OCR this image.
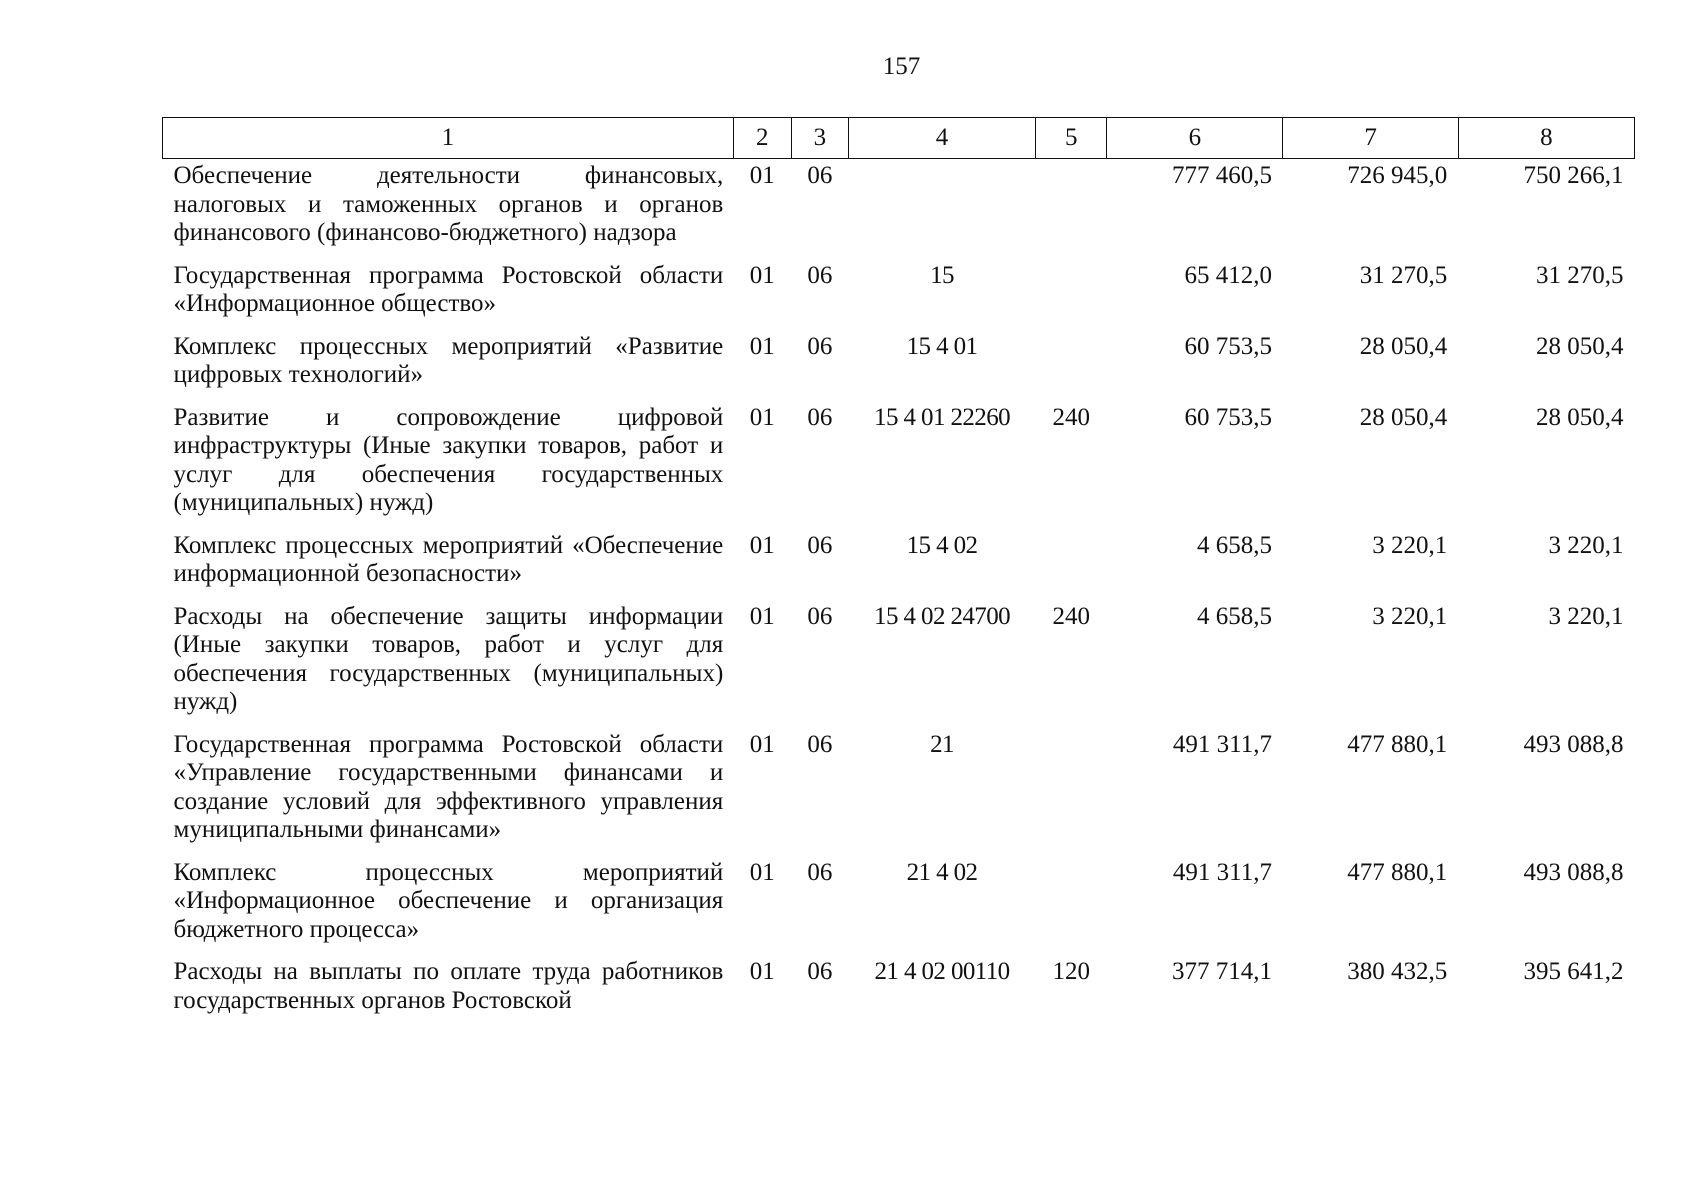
157
1	2	3	4	5	6	7	8
Обеспечение деятельности финансовых, налоговых и таможенных органов и органов финансового (финансово-бюджетного) надзора	01	06			777 460,5	726 945,0	750 266,1
Государственная программа Ростовской области «Информационное общество»	01	06	15		65 412,0	31 270,5	31 270,5
Комплекс процессных мероприятий «Развитие цифровых технологий»	01	06	15 4 01		60 753,5	28 050,4	28 050,4
Развитие и сопровождение цифровой инфраструктуры (Иные закупки товаров, работ и услуг для обеспечения государственных (муниципальных) нужд)	01	06	15 4 01 22260	240	60 753,5	28 050,4	28 050,4
Комплекс процессных мероприятий «Обеспечение информационной безопасности»	01	06	15 4 02		4 658,5	3 220,1	3 220,1
Расходы на обеспечение защиты информации (Иные закупки товаров, работ и услуг для обеспечения государственных (муниципальных) нужд)	01	06	15 4 02 24700	240	4 658,5	3 220,1	3 220,1
Государственная программа Ростовской области «Управление государственными финансами и создание условий для эффективного управления муниципальными финансами»	01	06	21		491 311,7	477 880,1	493 088,8
Комплекс процессных мероприятий «Информационное обеспечение и организация бюджетного процесса»	01	06	21 4 02		491 311,7	477 880,1	493 088,8
Расходы на выплаты по оплате труда работников государственных органов Ростовской	01	06	21 4 02 00110	120	377 714,1	380 432,5	395 641,2
